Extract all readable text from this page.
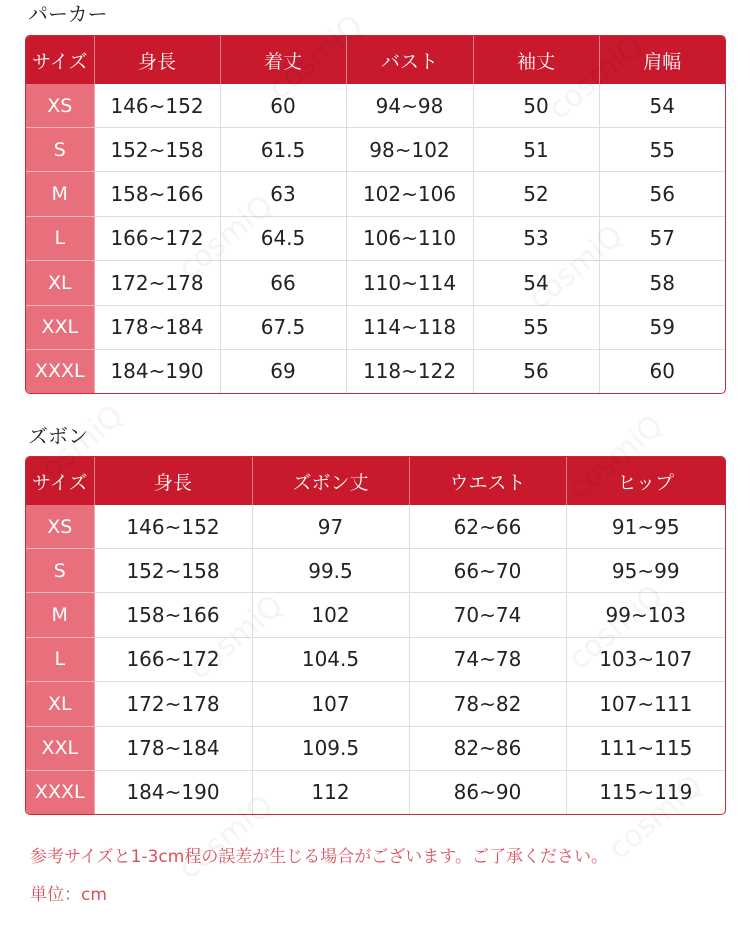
パーカー
サイズ	身長	着丈	バスト	袖丈	肩幅
XS	146~152	60	94~98	50	54
S	152~158	61.5	98~102	51	55
M	158~166	63	102~106	52	56
L	166~172	64.5	106~110	53	57
XL	172~178	66	110~114	54	58
XXL	178~184	67.5	114~118	55	59
XXXL	184~190	69	118~122	56	60
ズボン
サイズ	身長	ズボン丈	ウエスト	ヒップ
XS	146~152	97	62~66	91~95
S	152~158	99.5	66~70	95~99
M	158~166	102	70~74	99~103
L	166~172	104.5	74~78	103~107
XL	172~178	107	78~82	107~111
XXL	178~184	109.5	82~86	111~115
XXXL	184~190	112	86~90	115~119
参考サイズと1-3cm程の誤差が生じる場合がございます。ご了承ください。
単位：cm
